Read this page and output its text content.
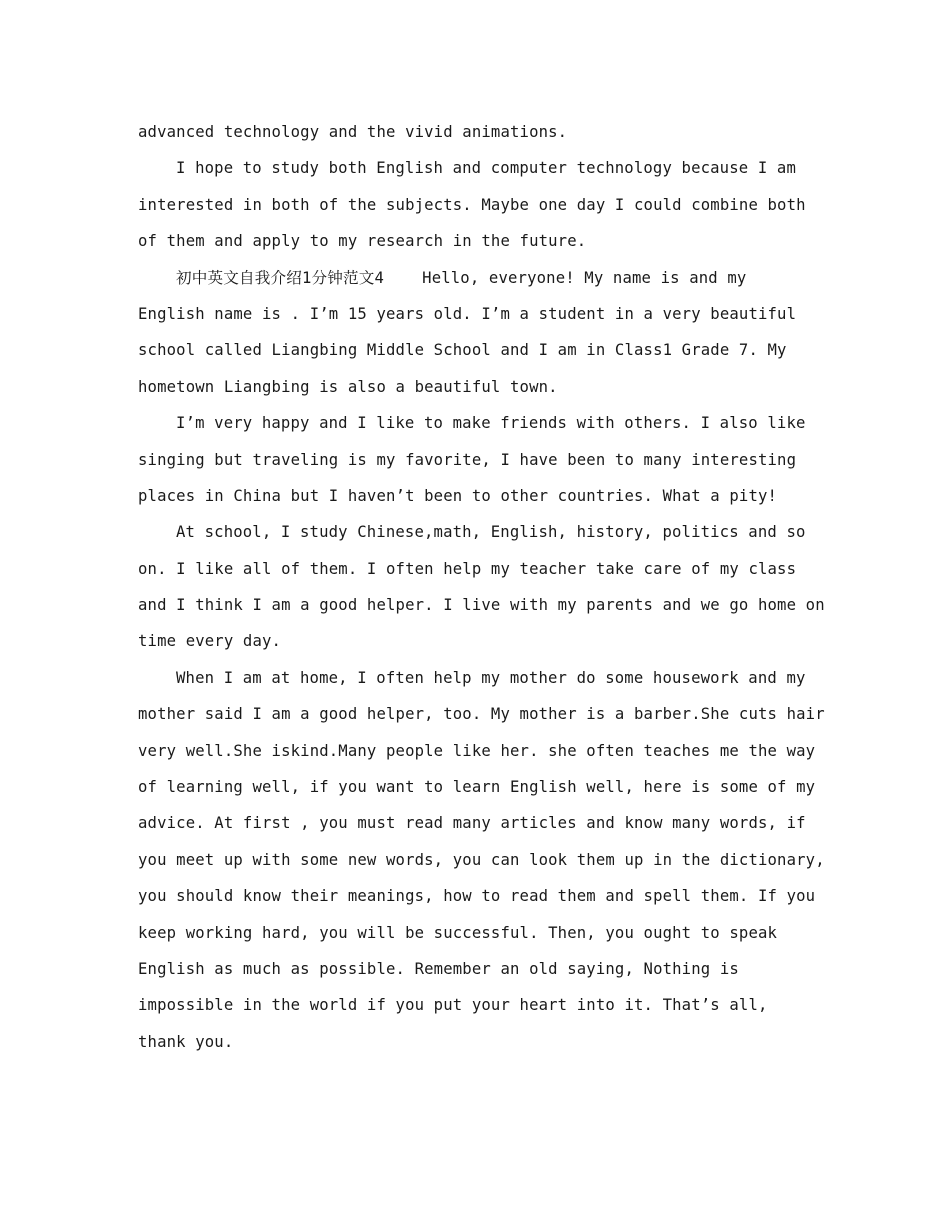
advanced technology and the vivid animations.
I hope to study both English and computer technology because I am
interested in both of the subjects. Maybe one day I could combine both
of them and apply to my research in the future.
初中英文自我介绍1分钟范文4    Hello, everyone! My name is and my
English name is . I’m 15 years old. I’m a student in a very beautiful
school called Liangbing Middle School and I am in Class1 Grade 7. My
hometown Liangbing is also a beautiful town.
I’m very happy and I like to make friends with others. I also like
singing but traveling is my favorite, I have been to many interesting
places in China but I haven’t been to other countries. What a pity!
At school, I study Chinese,math, English, history, politics and so
on. I like all of them. I often help my teacher take care of my class
and I think I am a good helper. I live with my parents and we go home on
time every day.
When I am at home, I often help my mother do some housework and my
mother said I am a good helper, too. My mother is a barber.She cuts hair
very well.She iskind.Many people like her. she often teaches me the way
of learning well, if you want to learn English well, here is some of my
advice. At first , you must read many articles and know many words, if
you meet up with some new words, you can look them up in the dictionary,
you should know their meanings, how to read them and spell them. If you
keep working hard, you will be successful. Then, you ought to speak
English as much as possible. Remember an old saying, Nothing is
impossible in the world if you put your heart into it. That’s all,
thank you.
